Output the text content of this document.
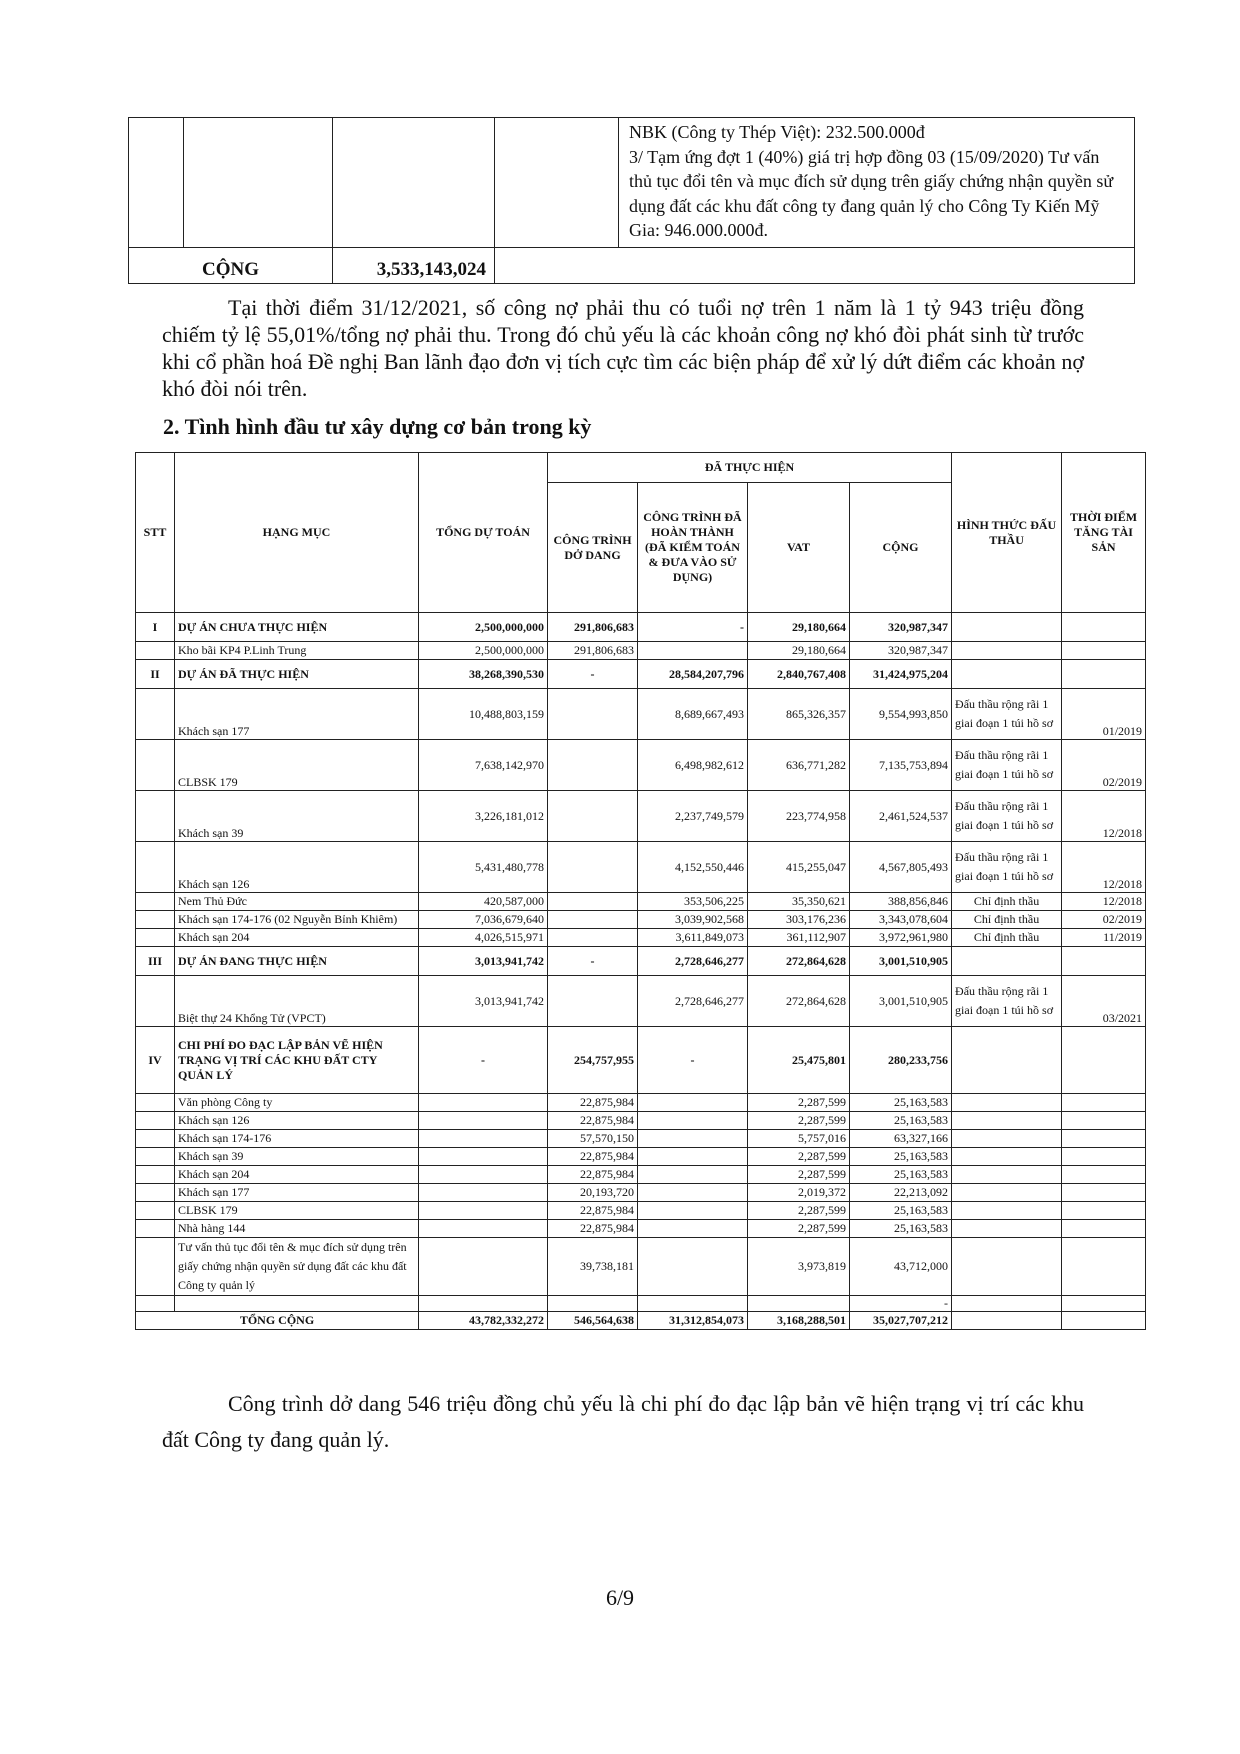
				NBK (Công ty Thép Việt): 232.500.000đ
3/ Tạm ứng đợt 1 (40%) giá trị hợp đồng 03 (15/09/2020) Tư vấn thủ tục đổi tên và mục đích sử dụng trên giấy chứng nhận quyền sử dụng đất các khu đất công ty đang quản lý cho Công Ty Kiến Mỹ Gia: 946.000.000đ.

CỘNG		3,533,143,024		

Tại thời điểm 31/12/2021, số công nợ phải thu có tuổi nợ trên 1 năm là 1 tỷ 943 triệu đồng chiếm tỷ lệ 55,01%/tổng nợ phải thu. Trong đó chủ yếu là các khoản công nợ khó đòi phát sinh từ trước khi cổ phần hoá Đề nghị Ban lãnh đạo đơn vị tích cực tìm các biện pháp để xử lý dứt điểm các khoản nợ khó đòi nói trên.

2. Tình hình đầu tư xây dựng cơ bản trong kỳ
STT	HẠNG MỤC	TỔNG DỰ TOÁN	ĐÃ THỰC HIỆN				HÌNH THỨC ĐẤU THẦU	THỜI ĐIỂM TĂNG TÀI SẢN
			CÔNG TRÌNH DỞ DANG	CÔNG TRÌNH ĐÃ HOÀN THÀNH (ĐÃ KIỂM TOÁN & ĐƯA VÀO SỬ DỤNG)	VAT	CỘNG		
I	DỰ ÁN CHƯA THỰC HIỆN	2,500,000,000	291,806,683	-	29,180,664	320,987,347		
	Kho bãi KP4 P.Linh Trung	2,500,000,000	291,806,683		29,180,664	320,987,347		
II	DỰ ÁN ĐÃ THỰC HIỆN	38,268,390,530	-	28,584,207,796	2,840,767,408	31,424,975,204		
	Khách sạn 177	10,488,803,159		8,689,667,493	865,326,357	9,554,993,850	Đấu thầu rộng rãi 1 giai đoạn 1 túi hồ sơ	01/2019
	CLBSK 179	7,638,142,970		6,498,982,612	636,771,282	7,135,753,894	Đấu thầu rộng rãi 1 giai đoạn 1 túi hồ sơ	02/2019
	Khách sạn 39	3,226,181,012		2,237,749,579	223,774,958	2,461,524,537	Đấu thầu rộng rãi 1 giai đoạn 1 túi hồ sơ	12/2018
	Khách sạn 126	5,431,480,778		4,152,550,446	415,255,047	4,567,805,493	Đấu thầu rộng rãi 1 giai đoạn 1 túi hồ sơ	12/2018
	Nem Thủ Đức	420,587,000		353,506,225	35,350,621	388,856,846	Chỉ định thầu	12/2018
	Khách sạn 174-176 (02 Nguyễn Bỉnh Khiêm)	7,036,679,640		3,039,902,568	303,176,236	3,343,078,604	Chỉ định thầu	02/2019
	Khách sạn 204	4,026,515,971		3,611,849,073	361,112,907	3,972,961,980	Chỉ định thầu	11/2019
III	DỰ ÁN ĐANG THỰC HIỆN	3,013,941,742	-	2,728,646,277	272,864,628	3,001,510,905		
	Biệt thự 24 Khổng Tử (VPCT)	3,013,941,742		2,728,646,277	272,864,628	3,001,510,905	Đấu thầu rộng rãi 1 giai đoạn 1 túi hồ sơ	03/2021
IV	CHI PHÍ ĐO ĐẠC LẬP BẢN VẼ HIỆN TRẠNG VỊ TRÍ CÁC KHU ĐẤT CTY QUẢN LÝ	-	254,757,955	-	25,475,801	280,233,756		
	Văn phòng Công ty		22,875,984		2,287,599	25,163,583		
	Khách sạn 126		22,875,984		2,287,599	25,163,583		
	Khách sạn 174-176		57,570,150		5,757,016	63,327,166		
	Khách sạn 39		22,875,984		2,287,599	25,163,583		
	Khách sạn 204		22,875,984		2,287,599	25,163,583		
	Khách sạn 177		20,193,720		2,019,372	22,213,092		
	CLBSK 179		22,875,984		2,287,599	25,163,583		
	Nhà hàng 144		22,875,984		2,287,599	25,163,583		
	Tư vấn thủ tục đổi tên & mục đích sử dụng trên giấy chứng nhận quyền sử dụng đất các khu đất Công ty quản lý		39,738,181		3,973,819	43,712,000		
						-		
TỔNG CỘNG		43,782,332,272	546,564,638	31,312,854,073	3,168,288,501	35,027,707,212		

Công trình dở dang 546 triệu đồng chủ yếu là chi phí đo đạc lập bản vẽ hiện trạng vị trí các khu đất Công ty đang quản lý.

6/9
